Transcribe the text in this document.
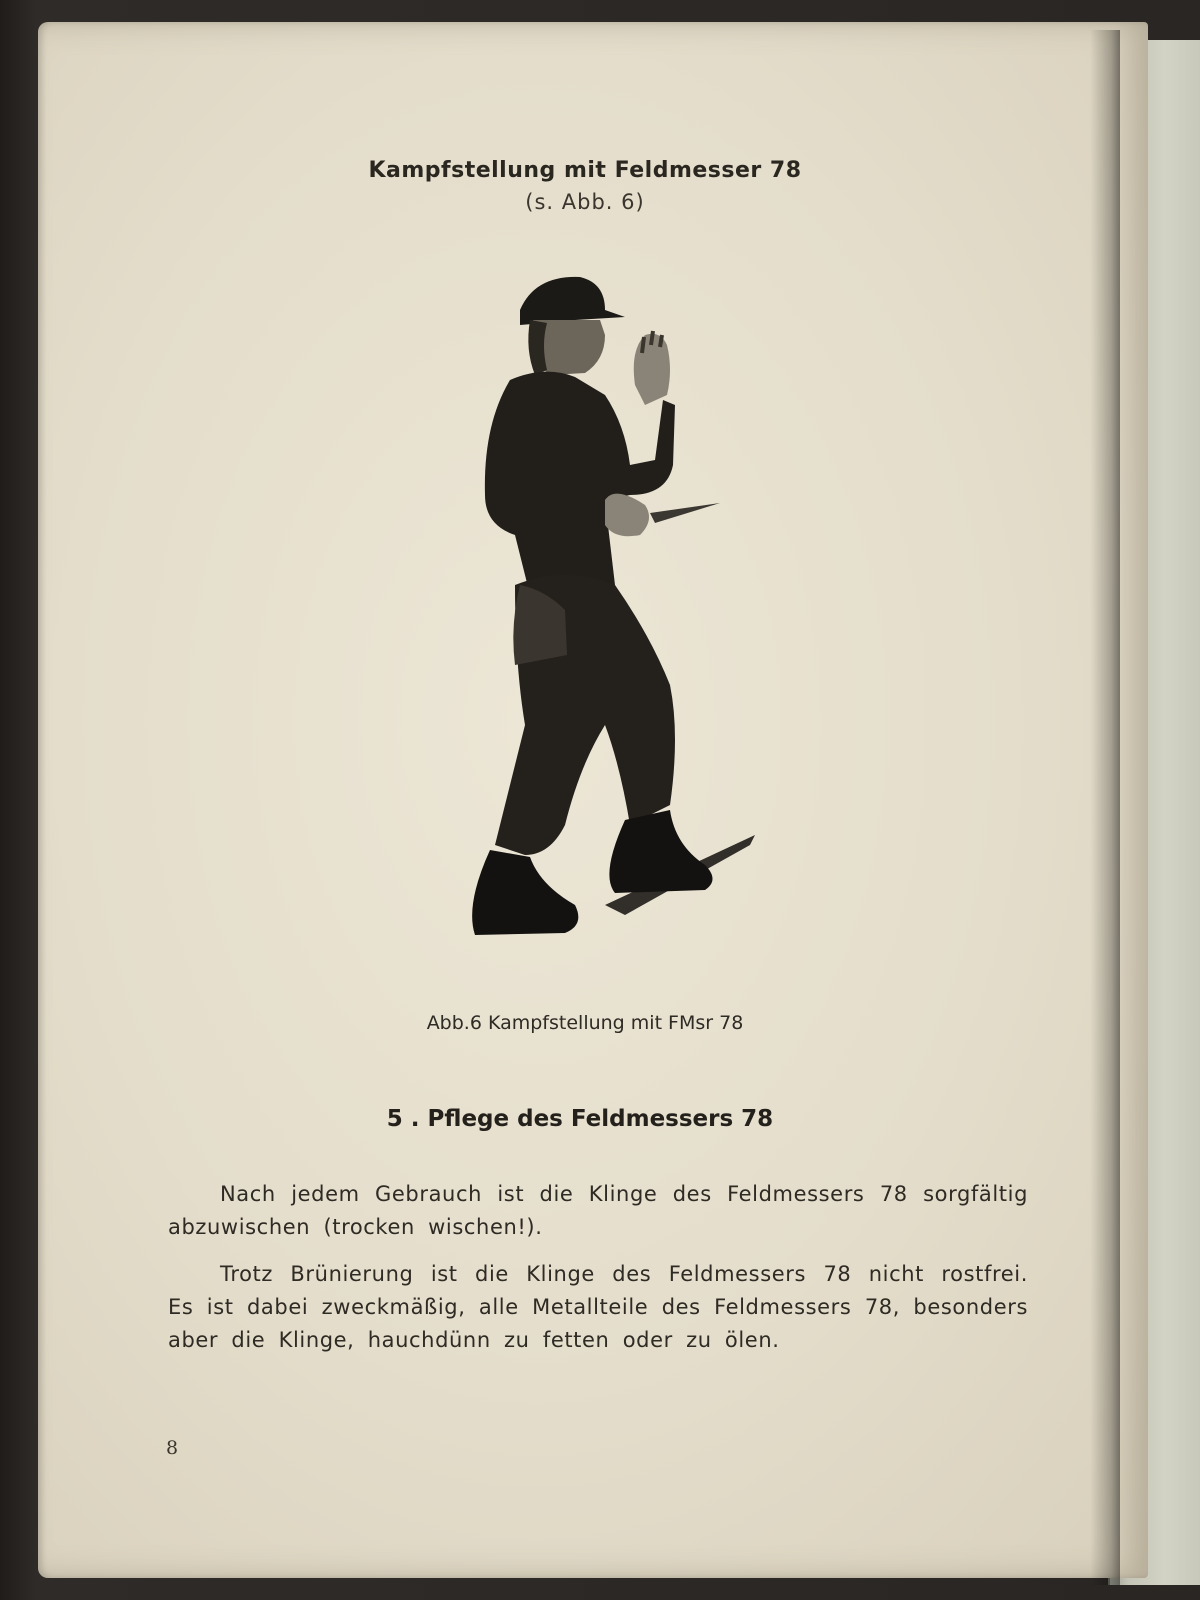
Kampfstellung mit Feldmesser 78
(s. Abb. 6)
Abb.6 Kampfstellung mit FMsr 78
5 . Pflege des Feldmessers 78
Nach jedem Gebrauch ist die Klinge des Feldmessers 78 sorgfältig abzuwischen (trocken wischen!).
Trotz Brünierung ist die Klinge des Feldmessers 78 nicht rostfrei. Es ist dabei zweckmäßig, alle Metallteile des Feldmessers 78, besonders aber die Klinge, hauchdünn zu fetten oder zu ölen.
8
